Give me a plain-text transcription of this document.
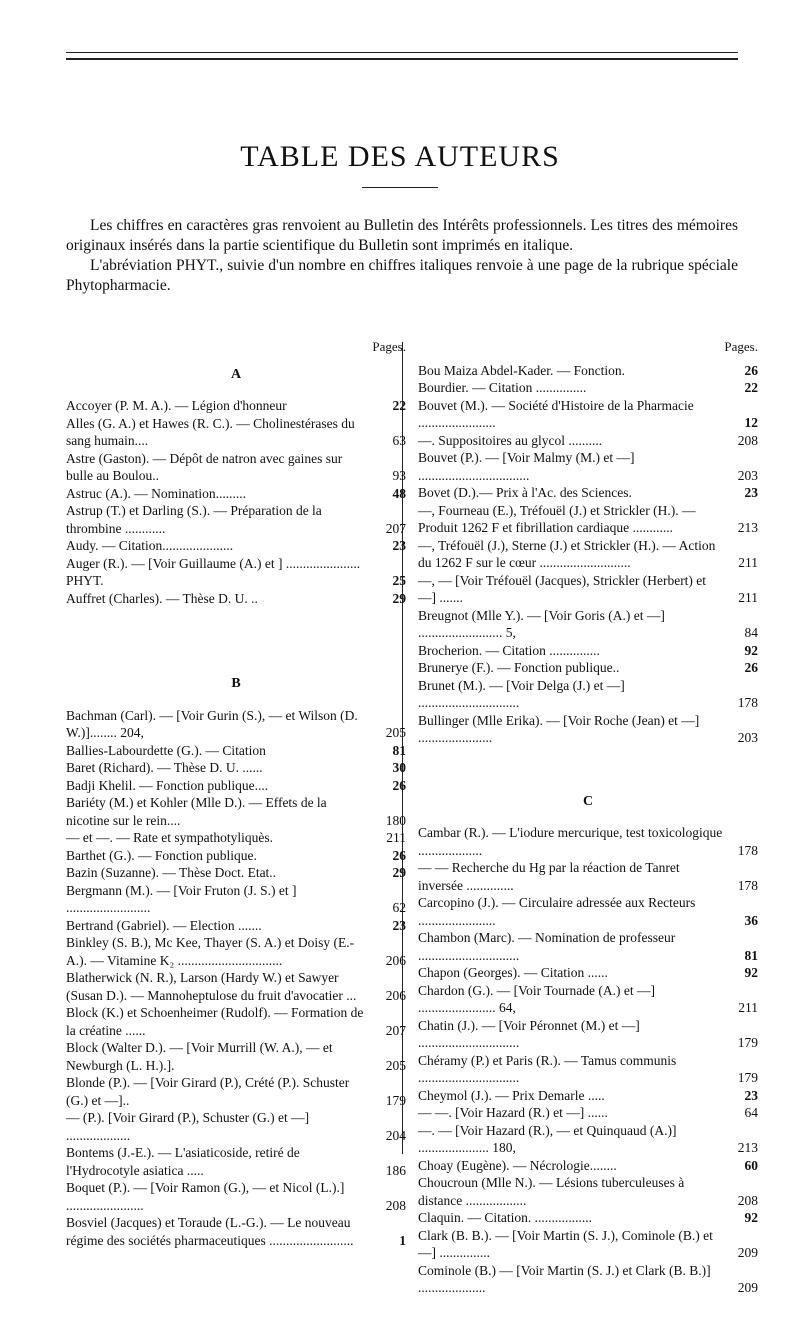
TABLE DES AUTEURS

Les chiffres en caractères gras renvoient au Bulletin des Intérêts professionnels. Les titres des mémoires originaux insérés dans la partie scientifique du Bulletin sont imprimés en italique.

L'abréviation PHYT., suivie d'un nombre en chiffres italiques renvoie à une page de la rubrique spéciale Phytopharmacie.

Pages.
A
Accoyer (P. M. A.). — Légion d'honneur	22
Alles (G. A.) et Hawes (R. C.). — Cholinestérases du sang humain....	63
Astre (Gaston). — Dépôt de natron avec gaines sur bulle au Boulou..	93
Astruc (A.). — Nomination.........	48
Astrup (T.) et Darling (S.). — Préparation de la thrombine ............	207
Audy. — Citation.....................	23
Auger (R.). — [Voir Guillaume (A.) et ] ...................... PHYT.	25
Auffret (Charles). — Thèse D. U. ..	29
B
Bachman (Carl). — [Voir Gurin (S.), — et Wilson (D. W.)]........ 204,	205
Ballies-Labourdette (G.). — Citation	81
Baret (Richard). — Thèse D. U. ......	30
Badji Khelil. — Fonction publique....	26
Bariéty (M.) et Kohler (Mlle D.). — Effets de la nicotine sur le rein....	180
— et —. — Rate et sympathotyliquès.	211
Barthet (G.). — Fonction publique.	26
Bazin (Suzanne). — Thèse Doct. Etat..	29
Bergmann (M.). — [Voir Fruton (J. S.) et ] .........................	62
Bertrand (Gabriel). — Election .......	23
Binkley (S. B.), Mc Kee, Thayer (S. A.) et Doisy (E.-A.). — Vitamine K₂ ...............................	206
Blatherwick (N. R.), Larson (Hardy W.) et Sawyer (Susan D.). — Mannoheptulose du fruit d'avocatier ...	206
Block (K.) et Schoenheimer (Rudolf). — Formation de la créatine ......	207
Block (Walter D.). — [Voir Murrill (W. A.), — et Newburgh (L. H.).].	205
Blonde (P.). — [Voir Girard (P.), Crété (P.). Schuster (G.) et —]..	179
— (P.). [Voir Girard (P.), Schuster (G.) et —] ...................	204
Bontems (J.-E.). — L'asiaticoside, retiré de l'Hydrocotyle asiatica .....	186
Boquet (P.). — [Voir Ramon (G.), — et Nicol (L.).] .......................	208
Bosviel (Jacques) et Toraude (L.-G.). — Le nouveau régime des sociétés pharmaceutiques .........................	1
Pages.
Bou Maiza Abdel-Kader. — Fonction.	26
Bourdier. — Citation ...............	22
Bouvet (M.). — Société d'Histoire de la Pharmacie .......................	12
—. Suppositoires au glycol ..........	208
Bouvet (P.). — [Voir Malmy (M.) et —] .................................	203
Bovet (D.).— Prix à l'Ac. des Sciences.	23
—, Fourneau (E.), Tréfouël (J.) et Strickler (H.). — Produit 1262 F et fibrillation cardiaque ............	213
—, Tréfouël (J.), Sterne (J.) et Strickler (H.). — Action du 1262 F sur le cœur ...........................	211
—, — [Voir Tréfouël (Jacques), Strickler (Herbert) et —] .......	211
Breugnot (Mlle Y.). — [Voir Goris (A.) et —] ......................... 5,	84
Brocherion. — Citation ...............	92
Brunerye (F.). — Fonction publique..	26
Brunet (M.). — [Voir Delga (J.) et —] ..............................	178
Bullinger (Mlle Erika). — [Voir Roche (Jean) et —] ......................	203
C
Cambar (R.). — L'iodure mercurique, test toxicologique ...................	178
— — Recherche du Hg par la réaction de Tanret inversée ..............	178
Carcopino (J.). — Circulaire adressée aux Recteurs .......................	36
Chambon (Marc). — Nomination de professeur ..............................	81
Chapon (Georges). — Citation ......	92
Chardon (G.). — [Voir Tournade (A.) et —] ....................... 64,	211
Chatin (J.). — [Voir Péronnet (M.) et —] ..............................	179
Chéramy (P.) et Paris (R.). — Tamus communis ..............................	179
Cheymol (J.). — Prix Demarle .....	23
— —. [Voir Hazard (R.) et —] ......	64
—. — [Voir Hazard (R.), — et Quinquaud (A.)] ..................... 180,	213
Choay (Eugène). — Nécrologie........	60
Choucroun (Mlle N.). — Lésions tuberculeuses à distance ..................	208
Claquin. — Citation. .................	92
Clark (B. B.). — [Voir Martin (S. J.), Cominole (B.) et —] ...............	209
Cominole (B.) — [Voir Martin (S. J.) et Clark (B. B.)] ....................	209
